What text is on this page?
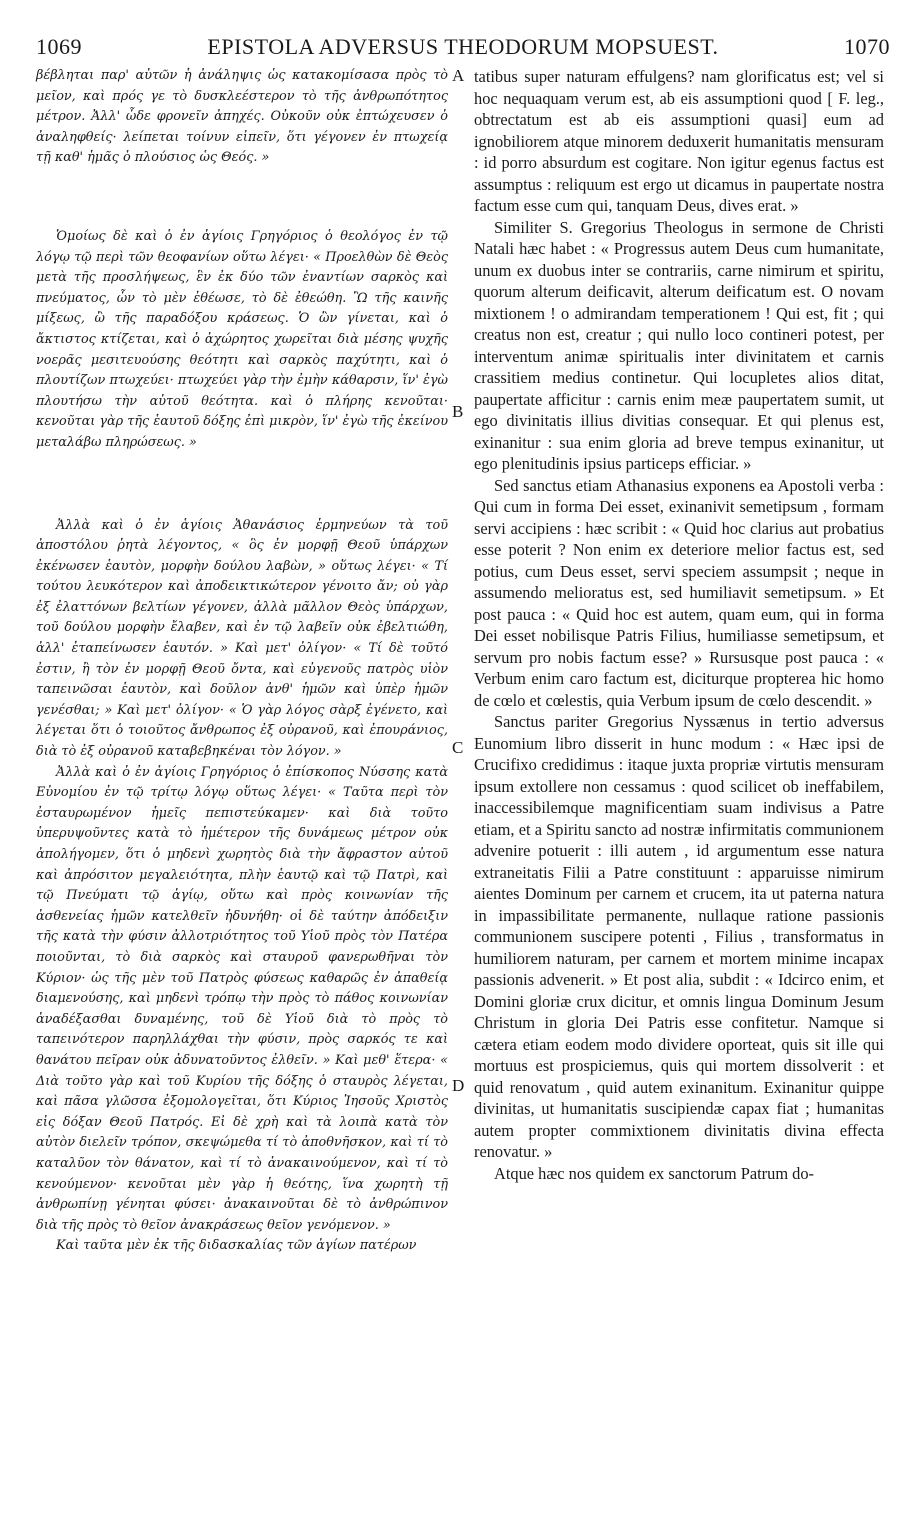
1069	EPISTOLA ADVERSUS THEODORUM MOPSUEST.	1070

βέβληται παρ' αὐτῶν ἡ ἀνάληψις ὡς κατακομίσασα πρὸς τὸ μεῖον, καὶ πρός γε τὸ δυσκλεέστερον τὸ τῆς ἀνθρωπότητος μέτρον. Ἀλλ' ὧδε φρονεῖν ἀπηχές. Οὐκοῦν οὐκ ἐπτώχευσεν ὁ ἀναληφθείς· λείπεται τοίνυν εἰπεῖν, ὅτι γέγονεν ἐν πτωχείᾳ τῇ καθ' ἡμᾶς ὁ πλούσιος ὡς Θεός. »

Ὁμοίως δὲ καὶ ὁ ἐν ἁγίοις Γρηγόριος ὁ θεολόγος ἐν τῷ λόγῳ τῷ περὶ τῶν θεοφανίων οὕτω λέγει· « Προελθὼν δὲ Θεὸς μετὰ τῆς προσλήψεως, ἓν ἐκ δύο τῶν ἐναντίων σαρκὸς καὶ πνεύματος, ὧν τὸ μὲν ἐθέωσε, τὸ δὲ ἐθεώθη. Ὢ τῆς καινῆς μίξεως, ὢ τῆς παραδόξου κράσεως. Ὁ ὢν γίνεται, καὶ ὁ ἄκτιστος κτίζεται, καὶ ὁ ἀχώρητος χωρεῖται διὰ μέσης ψυχῆς νοερᾶς μεσιτευούσης θεότητι καὶ σαρκὸς παχύτητι, καὶ ὁ πλουτίζων πτωχεύει· πτωχεύει γὰρ τὴν ἐμὴν κάθαρσιν, ἵν' ἐγὼ πλουτήσω τὴν αὐτοῦ θεότητα. καὶ ὁ πλήρης κενοῦται· κενοῦται γὰρ τῆς ἑαυτοῦ δόξης ἐπὶ μικρὸν, ἵν' ἐγὼ τῆς ἐκείνου μεταλάβω πληρώσεως. »

Ἀλλὰ καὶ ὁ ἐν ἁγίοις Ἀθανάσιος ἑρμηνεύων τὰ τοῦ ἀποστόλου ῥητὰ λέγοντος, « ὃς ἐν μορφῇ Θεοῦ ὑπάρχων ἐκένωσεν ἑαυτὸν, μορφὴν δούλου λαβὼν, » οὕτως λέγει· « Τί τούτου λευκότερον καὶ ἀποδεικτικώτερον γένοιτο ἄν; οὐ γὰρ ἐξ ἐλαττόνων βελτίων γέγονεν, ἀλλὰ μᾶλλον Θεὸς ὑπάρχων, τοῦ δούλου μορφὴν ἔλαβεν, καὶ ἐν τῷ λαβεῖν οὐκ ἐβελτιώθη, ἀλλ' ἐταπείνωσεν ἑαυτόν. » Καὶ μετ' ὀλίγον· « Τί δὲ τοῦτό ἐστιν, ἢ τὸν ἐν μορφῇ Θεοῦ ὄντα, καὶ εὐγενοῦς πατρὸς υἱὸν ταπεινῶσαι ἑαυτὸν, καὶ δοῦλον ἀνθ' ἡμῶν καὶ ὑπὲρ ἡμῶν γενέσθαι; » Καὶ μετ' ὀλίγον· « Ὁ γὰρ λόγος σὰρξ ἐγένετο, καὶ λέγεται ὅτι ὁ τοιοῦτος ἄνθρωπος ἐξ οὐρανοῦ, καὶ ἐπουράνιος, διὰ τὸ ἐξ οὐρανοῦ καταβεβηκέναι τὸν λόγον. »

Ἀλλὰ καὶ ὁ ἐν ἁγίοις Γρηγόριος ὁ ἐπίσκοπος Νύσσης κατὰ Εὐνομίου ἐν τῷ τρίτῳ λόγῳ οὕτως λέγει· « Ταῦτα περὶ τὸν ἐσταυρωμένον ἡμεῖς πεπιστεύκαμεν· καὶ διὰ τοῦτο ὑπερυψοῦντες κατὰ τὸ ἡμέτερον τῆς δυνάμεως μέτρον οὐκ ἀπολήγομεν, ὅτι ὁ μηδενὶ χωρητὸς διὰ τὴν ἄφραστον αὐτοῦ καὶ ἀπρόσιτον μεγαλειότητα, πλὴν ἑαυτῷ καὶ τῷ Πατρὶ, καὶ τῷ Πνεύματι τῷ ἁγίῳ, οὕτω καὶ πρὸς κοινωνίαν τῆς ἀσθενείας ἡμῶν κατελθεῖν ἠδυνήθη· οἱ δὲ ταύτην ἀπόδειξιν τῆς κατὰ τὴν φύσιν ἀλλοτριότητος τοῦ Υἱοῦ πρὸς τὸν Πατέρα ποιοῦνται, τὸ διὰ σαρκὸς καὶ σταυροῦ φανερωθῆναι τὸν Κύριον· ὡς τῆς μὲν τοῦ Πατρὸς φύσεως καθαρῶς ἐν ἀπαθείᾳ διαμενούσης, καὶ μηδενὶ τρόπῳ τὴν πρὸς τὸ πάθος κοινωνίαν ἀναδέξασθαι δυναμένης, τοῦ δὲ Υἱοῦ διὰ τὸ πρὸς τὸ ταπεινότερον παρηλλάχθαι τὴν φύσιν, πρὸς σαρκός τε καὶ θανάτου πεῖραν οὐκ ἀδυνατοῦντος ἐλθεῖν. » Καὶ μεθ' ἕτερα· « Διὰ τοῦτο γὰρ καὶ τοῦ Κυρίου τῆς δόξης ὁ σταυρὸς λέγεται, καὶ πᾶσα γλῶσσα ἐξομολογεῖται, ὅτι Κύριος Ἰησοῦς Χριστὸς εἰς δόξαν Θεοῦ Πατρός. Εἰ δὲ χρὴ καὶ τὰ λοιπὰ κατὰ τὸν αὐτὸν διελεῖν τρόπον, σκεψώμεθα τί τὸ ἀποθνῆσκον, καὶ τί τὸ καταλῦον τὸν θάνατον, καὶ τί τὸ ἀνακαινούμενον, καὶ τί τὸ κενούμενον· κενοῦται μὲν γὰρ ἡ θεότης, ἵνα χωρητὴ τῇ ἀνθρωπίνῃ γένηται φύσει· ἀνακαινοῦται δὲ τὸ ἀνθρώπινον διὰ τῆς πρὸς τὸ θεῖον ἀνακράσεως θεῖον γενόμενον. »

Καὶ ταῦτα μὲν ἐκ τῆς διδασκαλίας τῶν ἁγίων πατέρων

A
B
C
D

tatibus super naturam effulgens? nam glorificatus est; vel si hoc nequaquam verum est, ab eis assumptioni quod [ F. leg., obtrectatum est ab eis assumptioni quasi] eum ad ignobiliorem atque minorem deduxerit humanitatis mensuram : id porro absurdum est cogitare. Non igitur egenus factus est assumptus : reliquum est ergo ut dicamus in paupertate nostra factum esse cum qui, tanquam Deus, dives erat. »

Similiter S. Gregorius Theologus in sermone de Christi Natali hæc habet : « Progressus autem Deus cum humanitate, unum ex duobus inter se contrariis, carne nimirum et spiritu, quorum alterum deificavit, alterum deificatum est. O novam mixtionem ! o admirandam temperationem ! Qui est, fit ; qui creatus non est, creatur ; qui nullo loco contineri potest, per interventum animæ spiritualis inter divinitatem et carnis crassitiem medius continetur. Qui locupletes alios ditat, paupertate afficitur : carnis enim meæ paupertatem sumit, ut ego divinitatis illius divitias consequar. Et qui plenus est, exinanitur : sua enim gloria ad breve tempus exinanitur, ut ego plenitudinis ipsius particeps efficiar. »

Sed sanctus etiam Athanasius exponens ea Apostoli verba : Qui cum in forma Dei esset, exinanivit semetipsum , formam servi accipiens : hæc scribit : « Quid hoc clarius aut probatius esse poterit ? Non enim ex deteriore melior factus est, sed potius, cum Deus esset, servi speciem assumpsit ; neque in assumendo melioratus est, sed humiliavit semetipsum. » Et post pauca : « Quid hoc est autem, quam eum, qui in forma Dei esset nobilisque Patris Filius, humiliasse semetipsum, et servum pro nobis factum esse? » Rursusque post pauca : « Verbum enim caro factum est, diciturque propterea hic homo de cœlo et cœlestis, quia Verbum ipsum de cœlo descendit. »

Sanctus pariter Gregorius Nyssænus in tertio adversus Eunomium libro disserit in hunc modum : « Hæc ipsi de Crucifixo credidimus : itaque juxta propriæ virtutis mensuram ipsum extollere non cessamus : quod scilicet ob ineffabilem, inaccessibilemque magnificentiam suam indivisus a Patre etiam, et a Spiritu sancto ad nostræ infirmitatis communionem advenire potuerit : illi autem , id argumentum esse natura extraneitatis Filii a Patre constituunt : apparuisse nimirum aientes Dominum per carnem et crucem, ita ut paterna natura in impassibilitate permanente, nullaque ratione passionis communionem suscipere potenti , Filius , transformatus in humiliorem naturam, per carnem et mortem minime incapax passionis advenerit. » Et post alia, subdit : « Idcirco enim, et Domini gloriæ crux dicitur, et omnis lingua Dominum Jesum Christum in gloria Dei Patris esse confitetur. Namque si cætera etiam eodem modo dividere oporteat, quis sit ille qui mortuus est prospiciemus, quis qui mortem dissolverit : et quid renovatum , quid autem exinanitum. Exinanitur quippe divinitas, ut humanitatis suscipiendæ capax fiat ; humanitas autem propter commixtionem divinitatis divina effecta renovatur. »

Atque hæc nos quidem ex sanctorum Patrum do-
